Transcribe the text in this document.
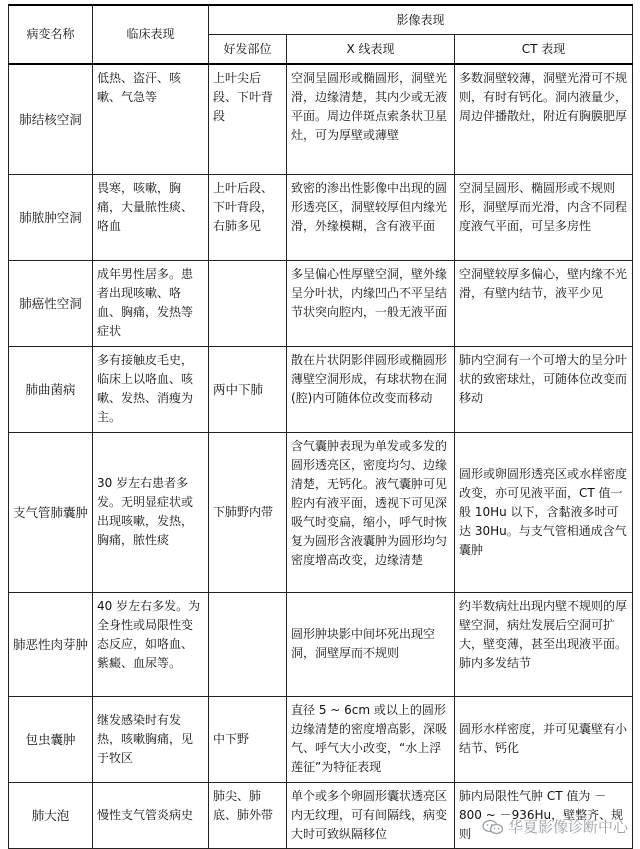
病变名称	临床表现	影像表现		
		好发部位	X 线表现	CT 表现
肺结核空洞	低热、盗汗、咳嗽、气急等	上叶尖后段、下叶背段	空洞呈圆形或椭圆形，洞壁光滑，边缘清楚，其内少或无液平面。周边伴斑点索条状卫星灶，可为厚壁或薄壁	多数洞壁较薄，洞壁光滑可不规则，有时有钙化。洞内液量少，周边伴播散灶，附近有胸膜肥厚
肺脓肿空洞	畏寒，咳嗽，胸痛，大量脓性痰、咯血	上叶后段、下叶背段，右肺多见	致密的渗出性影像中出现的圆形透亮区，洞壁较厚但内缘光滑，外缘模糊，含有液平面	空洞呈圆形、椭圆形或不规则形，洞壁厚而光滑，内含不同程度液气平面，可呈多房性
肺癌性空洞	成年男性居多。患者出现咳嗽、咯血、胸痛，发热等症状		多呈偏心性厚壁空洞，壁外缘呈分叶状，内缘凹凸不平呈结节状突向腔内，一般无液平面	空洞壁较厚多偏心，壁内缘不光滑，有壁内结节，液平少见
肺曲菌病	多有接触皮毛史，临床上以咯血、咳嗽、发热、消瘦为主。	两中下肺	散在片状阴影伴圆形或椭圆形薄壁空洞形成，有球状物在洞(腔)内可随体位改变而移动	肺内空洞有一个可增大的呈分叶状的致密球灶，可随体位改变而移动
支气管肺囊肿	30 岁左右患者多发。无明显症状或出现咳嗽，发热，胸痛，脓性痰	下肺野内带	含气囊肿表现为单发或多发的圆形透亮区，密度均匀、边缘清楚，无钙化。液气囊肿可见腔内有液平面，透视下可见深吸气时变扁，缩小，呼气时恢复为圆形含液囊肿为圆形均匀密度增高改变，边缘清楚	圆形或卵圆形透亮区或水样密度改变，亦可见液平面，CT 值一般 10Hu 以下，含黏液多时可达 30Hu。与支气管相通成含气囊肿
肺恶性肉芽肿	40 岁左右多发。为全身性或局限性变态反应，如咯血、紫癜、血尿等。		圆形肿块影中间坏死出现空洞，洞壁厚而不规则	约半数病灶出现内壁不规则的厚壁空洞，病灶发展后空洞可扩大，壁变薄，甚至出现液平面。肺内多发结节
包虫囊肿	继发感染时有发热，咳嗽胸痛，见于牧区	中下野	直径 5 ~ 6cm 或以上的圆形边缘清楚的密度增高影，深吸气、呼气大小改变，“水上浮莲征”为特征表现	圆形水样密度，并可见囊壁有小结节、钙化
肺大泡	慢性支气管炎病史	肺尖、肺底、肺外带	单个或多个卵圆形囊状透亮区内无纹理，可有间隔线，病变大时可致纵隔移位	肺内局限性气肿 CT 值为 －800 ~ －936Hu，壁整齐、规则 华夏影像诊断中心
